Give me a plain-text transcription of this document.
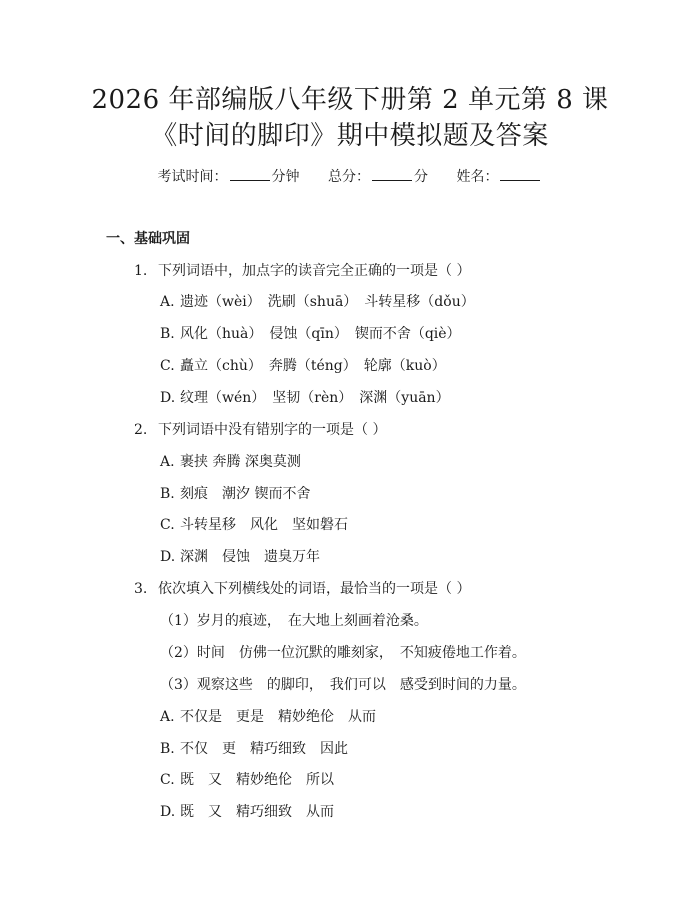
2026 年部编版八年级下册第 2 单元第 8 课
《时间的脚印》期中模拟题及答案
考试时间：	分钟 总分：	分 姓名：
一、基础巩固
1. 下列词语中，加点字的读音完全正确的一项是（ ）
A. 遗迹（wèi）　洗刷（shuā）　斗转星移（dǒu）
B. 风化（huà）　侵蚀（qīn）　锲而不舍（qiè）
C. 矗立（chù）　奔腾（téng）　轮廓（kuò）
D. 纹理（wén）　坚韧（rèn）　深渊（yuān）
2. 下列词语中没有错别字的一项是（ ）
A. 裹挟 奔腾 深奥莫测
B. 刻痕　潮汐 锲而不舍
C. 斗转星移　风化　坚如磐石
D. 深渊　侵蚀　遗臭万年
3. 依次填入下列横线处的词语，最恰当的一项是（ ）
（1）岁月的痕迹，　在大地上刻画着沧桑。
（2）时间　仿佛一位沉默的雕刻家，　不知疲倦地工作着。
（3）观察这些　的脚印，　我们可以　感受到时间的力量。
A. 不仅是　更是　精妙绝伦　从而
B. 不仅　更　精巧细致　因此
C. 既　又　精妙绝伦　所以
D. 既　又　精巧细致　从而
